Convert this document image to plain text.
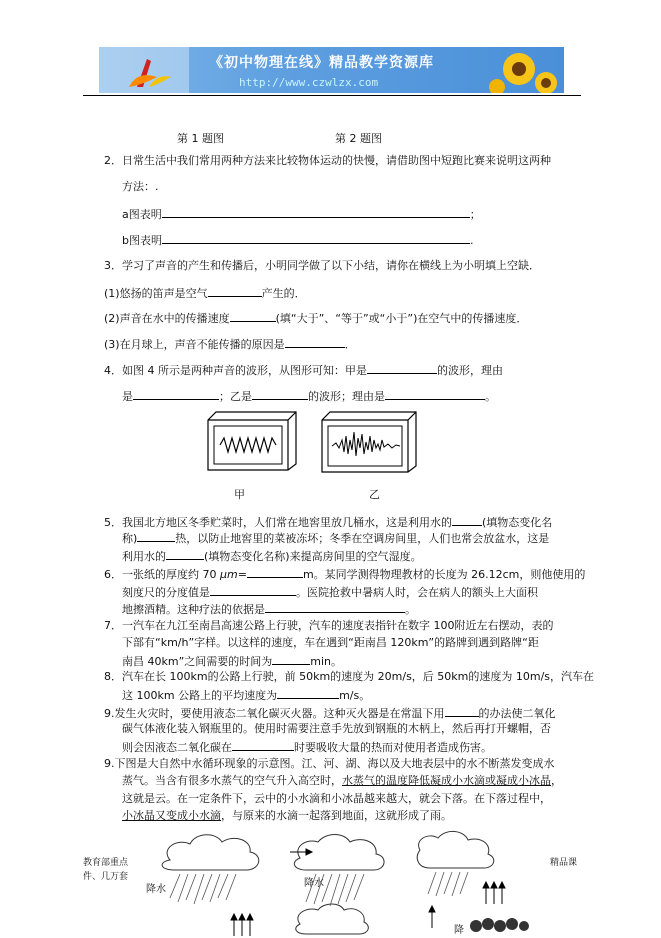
《初中物理在线》精品教学资源库
http://www.czwlzx.com
第 1 题图	第 2 题图
2．日常生活中我们常用两种方法来比较物体运动的快慢，请借助图中短跑比赛来说明这两种
方法：.
a图表明	；
b图表明	.
3．学习了声音的产生和传播后，小明同学做了以下小结，请你在横线上为小明填上空缺．
(1)悠扬的笛声是空气	产生的．
(2)声音在水中的传播速度	(填“大于”、“等于”或“小于”)在空气中的传播速度．
(3)在月球上，声音不能传播的原因是	．
4．如图 4 所示是两种声音的波形，从图形可知：甲是	的波形，理由
是	；乙是	的波形；理由是	。
甲	乙
5．我国北方地区冬季贮菜时，人们常在地窖里放几桶水，这是利用水的	(填物态变化名
称)	热，以防止地窖里的菜被冻坏；冬季在空调房间里，人们也常会放盆水，这是
利用水的	(填物态变化名称)来提高房间里的空气湿度。
6．一张纸的厚度约 70 μm=	m。某同学测得物理教材的长度为 26.12cm，则他使用的
刻度尺的分度值是	。医院抢救中暑病人时，会在病人的额头上大面积
地擦酒精。这种疗法的依据是	。
7．一汽车在九江至南昌高速公路上行驶，汽车的速度表指针在数字 100附近左右摆动，表的
下部有“km/h”字样。以这样的速度，车在遇到“距南昌 120km”的路牌到遇到路牌“距
南昌 40km”之间需要的时间为	min。
8．汽车在长 100km的公路上行驶，前 50km的速度为 20m/s，后 50km的速度为 10m/s，汽车在
这 100km 公路上的平均速度为	m/s。
9.发生火灾时，要使用液态二氧化碳灭火器。这种灭火器是在常温下用	的办法使二氧化
碳气体液化装入钢瓶里的。使用时需要注意手先放到钢瓶的木柄上，然后再打开螺帽，否
则会因液态二氧化碳在	时要吸收大量的热而对使用者造成伤害。
9.下图是大自然中水循环现象的示意图。江、河、湖、海以及大地表层中的水不断蒸发变成水
蒸气。当含有很多水蒸气的空气升入高空时，水蒸气的温度降低凝成小水滴或凝成小冰晶，
这就是云。在一定条件下，云中的小水滴和小冰晶越来越大，就会下落。在下落过程中，
小冰晶又变成小水滴，与原来的水滴一起落到地面，这就形成了雨。
降水
降水
降
教育部重点
件、几万套
精品课
